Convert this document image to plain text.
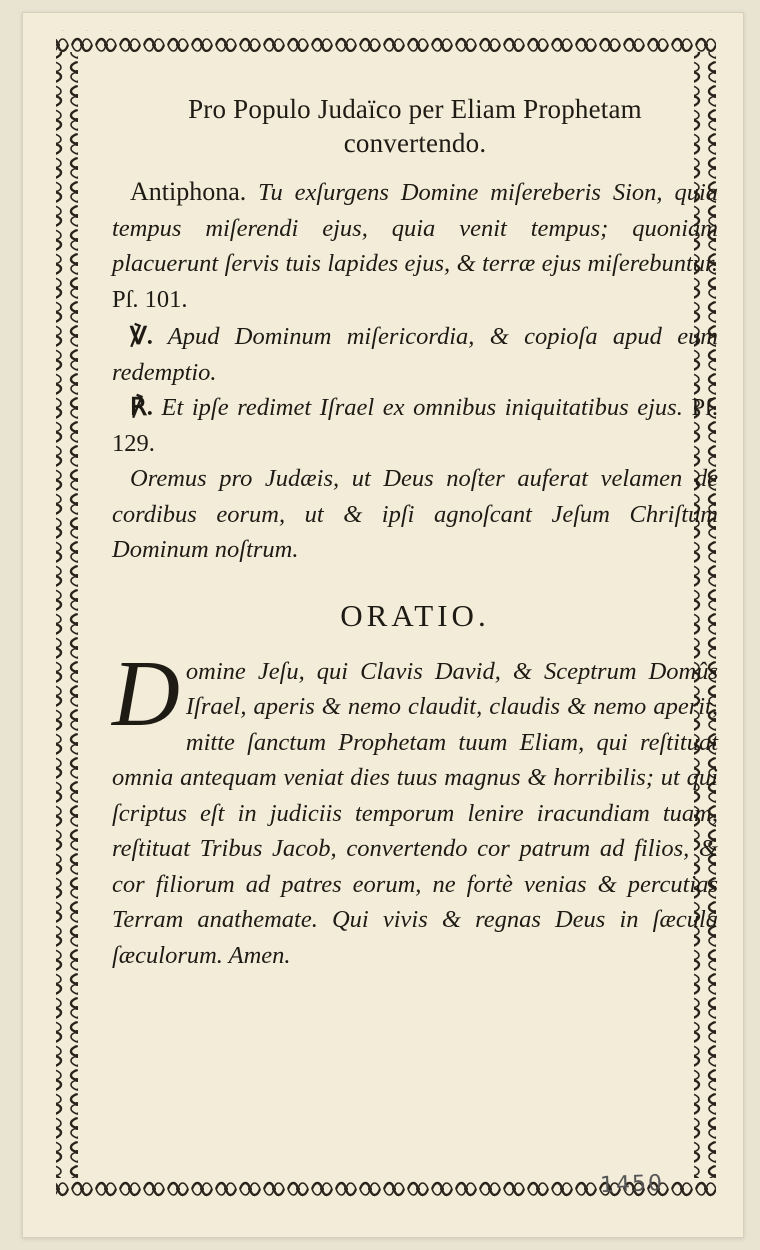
Pro Populo Judaïco per Eliam Prophetam
convertendo.

Antiphona. Tu exſurgens Domine miſereberis Sion, quia tempus miſerendi ejus, quia venit tempus; quoniam placuerunt ſervis tuis lapides ejus, & terræ ejus miſerebuntur. Pſ. 101.

℣. Apud Dominum miſericordia, & copioſa apud eum redemptio.

℟. Et ipſe redimet Iſrael ex omnibus iniquitatibus ejus. Pſ. 129.

Oremus pro Judæis, ut Deus noſter auferat velamen de cordibus eorum, ut & ipſi agnoſcant Jeſum Chriſtum Dominum noſtrum.

ORATIO.

Domine Jeſu, qui Clavis David, & Sceptrum Domûs Iſrael, aperis & nemo claudit, claudis & nemo aperit, mitte ſanctum Prophetam tuum Eliam, qui reſtituat omnia antequam veniat dies tuus magnus & horribilis; ut qui ſcriptus eſt in judiciis temporum lenire iracundiam tuam, reſtituat Tribus Jacob, convertendo cor patrum ad filios, & cor filiorum ad patres eorum, ne fortè venias & percutias Terram anathemate. Qui vivis & regnas Deus in ſæcula ſæculorum. Amen.

1450
